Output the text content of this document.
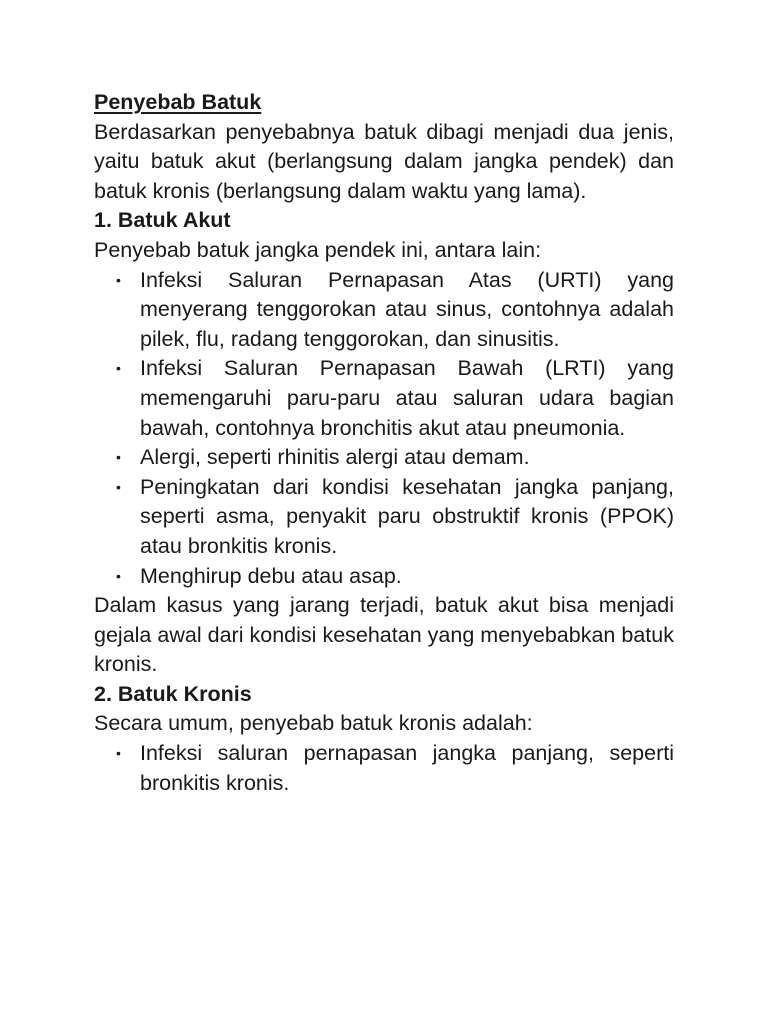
Penyebab Batuk
Berdasarkan penyebabnya batuk dibagi menjadi dua jenis, yaitu batuk akut (berlangsung dalam jangka pendek) dan batuk kronis (berlangsung dalam waktu yang lama).
1. Batuk Akut
Penyebab batuk jangka pendek ini, antara lain:
• Infeksi Saluran Pernapasan Atas (URTI) yang menyerang tenggorokan atau sinus, contohnya adalah pilek, flu, radang tenggorokan, dan sinusitis.
• Infeksi Saluran Pernapasan Bawah (LRTI) yang memengaruhi paru-paru atau saluran udara bagian bawah, contohnya bronchitis akut atau pneumonia.
• Alergi, seperti rhinitis alergi atau demam.
• Peningkatan dari kondisi kesehatan jangka panjang, seperti asma, penyakit paru obstruktif kronis (PPOK) atau bronkitis kronis.
• Menghirup debu atau asap.
Dalam kasus yang jarang terjadi, batuk akut bisa menjadi gejala awal dari kondisi kesehatan yang menyebabkan batuk kronis.
2. Batuk Kronis
Secara umum, penyebab batuk kronis adalah:
• Infeksi saluran pernapasan jangka panjang, seperti bronkitis kronis.
